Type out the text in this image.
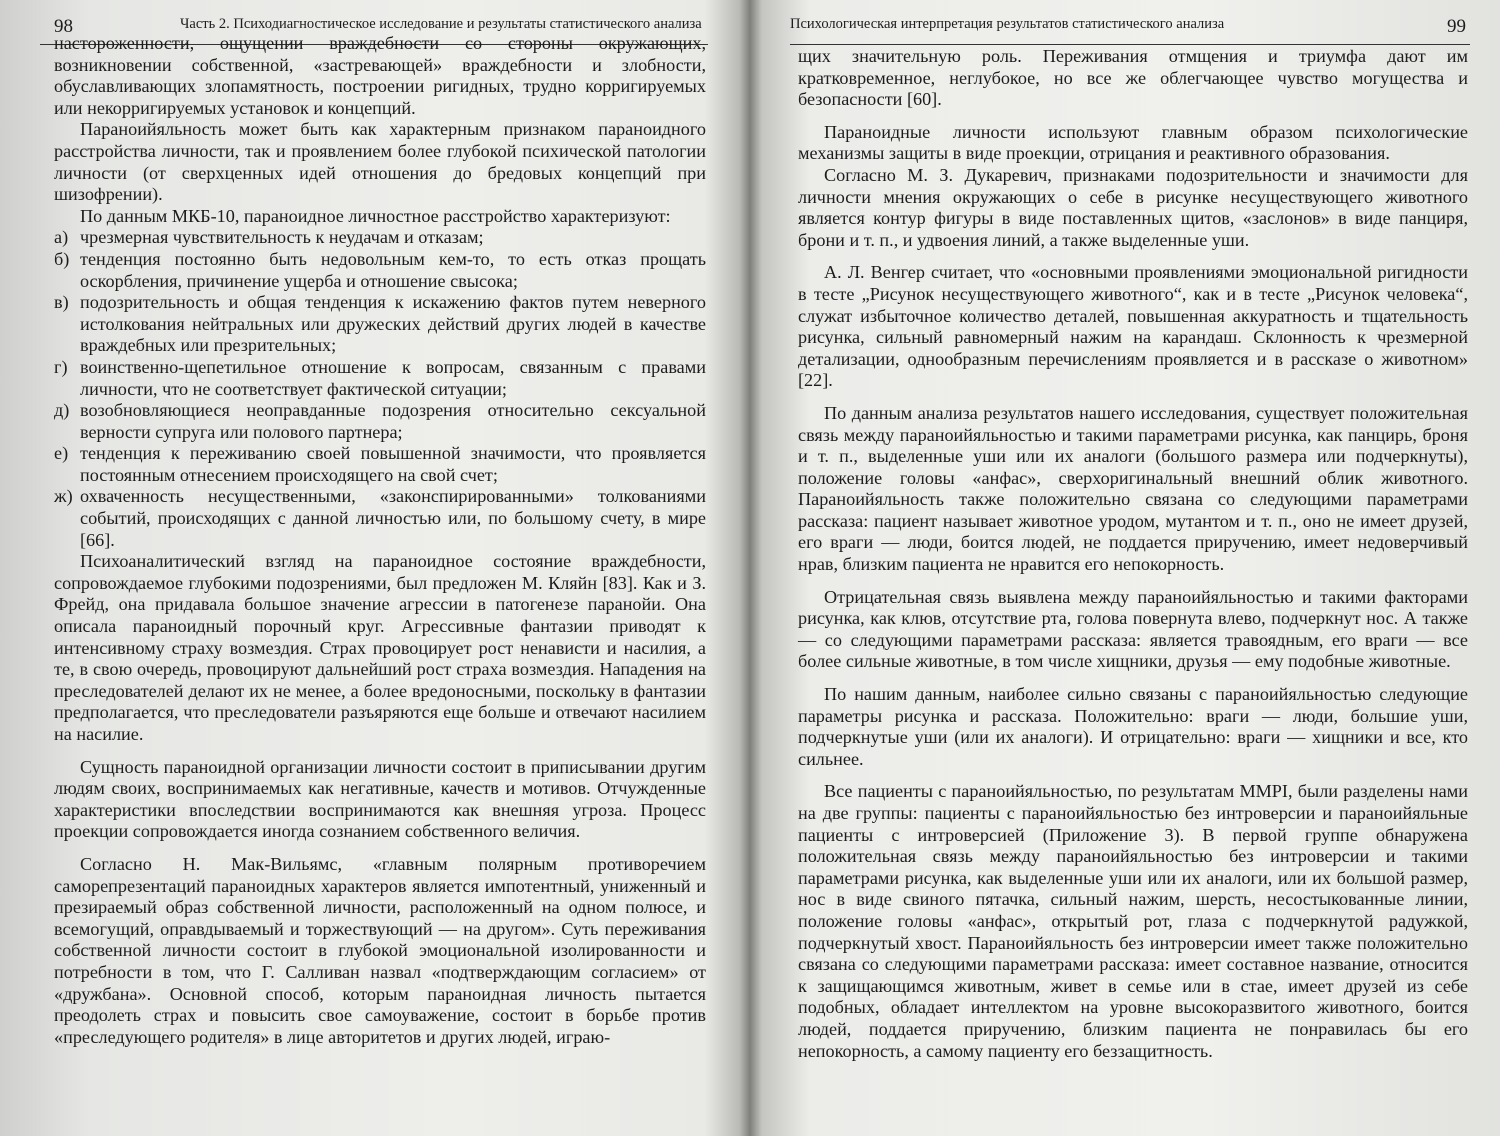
98	Часть 2. Психодиагностическое исследование и результаты статистического анализа

настороженности, ощущении враждебности со стороны окружающих, возникновении собственной, «застревающей» враждебности и злобности, обуславливающих злопамятность, построении ригидных, трудно корригируемых или некорригируемых установок и концепций.

Параноийяльность может быть как характерным признаком параноидного расстройства личности, так и проявлением более глубокой психической патологии личности (от сверхценных идей отношения до бредовых концепций при шизофрении).

По данным МКБ-10, параноидное личностное расстройство характеризуют:

а) чрезмерная чувствительность к неудачам и отказам;
б) тенденция постоянно быть недовольным кем-то, то есть отказ прощать оскорбления, причинение ущерба и отношение свысока;
в) подозрительность и общая тенденция к искажению фактов путем неверного истолкования нейтральных или дружеских действий других людей в качестве враждебных или презрительных;
г) воинственно-щепетильное отношение к вопросам, связанным с правами личности, что не соответствует фактической ситуации;
д) возобновляющиеся неоправданные подозрения относительно сексуальной верности супруга или полового партнера;
е) тенденция к переживанию своей повышенной значимости, что проявляется постоянным отнесением происходящего на свой счет;
ж) охваченность несущественными, «законспирированными» толкованиями событий, происходящих с данной личностью или, по большому счету, в мире [66].

Психоаналитический взгляд на параноидное состояние враждебности, сопровождаемое глубокими подозрениями, был предложен М. Кляйн [83]. Как и З. Фрейд, она придавала большое значение агрессии в патогенезе паранойи. Она описала параноидный порочный круг. Агрессивные фантазии приводят к интенсивному страху возмездия. Страх провоцирует рост ненависти и насилия, а те, в свою очередь, провоцируют дальнейший рост страха возмездия. Нападения на преследователей делают их не менее, а более вредоносными, поскольку в фантазии предполагается, что преследователи разъяряются еще больше и отвечают насилием на насилие.

Сущность параноидной организации личности состоит в приписывании другим людям своих, воспринимаемых как негативные, качеств и мотивов. Отчужденные характеристики впоследствии воспринимаются как внешняя угроза. Процесс проекции сопровождается иногда сознанием собственного величия.

Согласно Н. Мак-Вильямс, «главным полярным противоречием саморепрезентаций параноидных характеров является импотентный, униженный и презираемый образ собственной личности, расположенный на одном полюсе, и всемогущий, оправдываемый и торжествующий — на другом». Суть переживания собственной личности состоит в глубокой эмоциональной изолированности и потребности в том, что Г. Салливан назвал «подтверждающим согласием» от «дружбана». Основной способ, которым параноидная личность пытается преодолеть страх и повысить свое самоуважение, состоит в борьбе против «преследующего родителя» в лице авторитетов и других людей, играю-

Психологическая интерпретация результатов статистического анализа	99

щих значительную роль. Переживания отмщения и триумфа дают им кратковременное, неглубокое, но все же облегчающее чувство могущества и безопасности [60].

Параноидные личности используют главным образом психологические механизмы защиты в виде проекции, отрицания и реактивного образования.

Согласно М. З. Дукаревич, признаками подозрительности и значимости для личности мнения окружающих о себе в рисунке несуществующего животного является контур фигуры в виде поставленных щитов, «заслонов» в виде панциря, брони и т. п., и удвоения линий, а также выделенные уши.

А. Л. Венгер считает, что «основными проявлениями эмоциональной ригидности в тесте „Рисунок несуществующего животного“, как и в тесте „Рисунок человека“, служат избыточное количество деталей, повышенная аккуратность и тщательность рисунка, сильный равномерный нажим на карандаш. Склонность к чрезмерной детализации, однообразным перечислениям проявляется и в рассказе о животном» [22].

По данным анализа результатов нашего исследования, существует положительная связь между параноийяльностью и такими параметрами рисунка, как панцирь, броня и т. п., выделенные уши или их аналоги (большого размера или подчеркнуты), положение головы «анфас», сверхоригинальный внешний облик животного. Параноийяльность также положительно связана со следующими параметрами рассказа: пациент называет животное уродом, мутантом и т. п., оно не имеет друзей, его враги — люди, боится людей, не поддается приручению, имеет недоверчивый нрав, близким пациента не нравится его непокорность.

Отрицательная связь выявлена между параноийяльностью и такими факторами рисунка, как клюв, отсутствие рта, голова повернута влево, подчеркнут нос. А также — со следующими параметрами рассказа: является травоядным, его враги — все более сильные животные, в том числе хищники, друзья — ему подобные животные.

По нашим данным, наиболее сильно связаны с параноийяльностью следующие параметры рисунка и рассказа. Положительно: враги — люди, большие уши, подчеркнутые уши (или их аналоги). И отрицательно: враги — хищники и все, кто сильнее.

Все пациенты с параноийяльностью, по результатам MMPI, были разделены нами на две группы: пациенты с параноийяльностью без интроверсии и параноийяльные пациенты с интроверсией (Приложение 3). В первой группе обнаружена положительная связь между параноийяльностью без интроверсии и такими параметрами рисунка, как выделенные уши или их аналоги, или их большой размер, нос в виде свиного пятачка, сильный нажим, шерсть, несостыкованные линии, положение головы «анфас», открытый рот, глаза с подчеркнутой радужкой, подчеркнутый хвост. Параноийяльность без интроверсии имеет также положительно связана со следующими параметрами рассказа: имеет составное название, относится к защищающимся животным, живет в семье или в стае, имеет друзей из себе подобных, обладает интеллектом на уровне высокоразвитого животного, боится людей, поддается приручению, близким пациента не понравилась бы его непокорность, а самому пациенту его беззащитность.
